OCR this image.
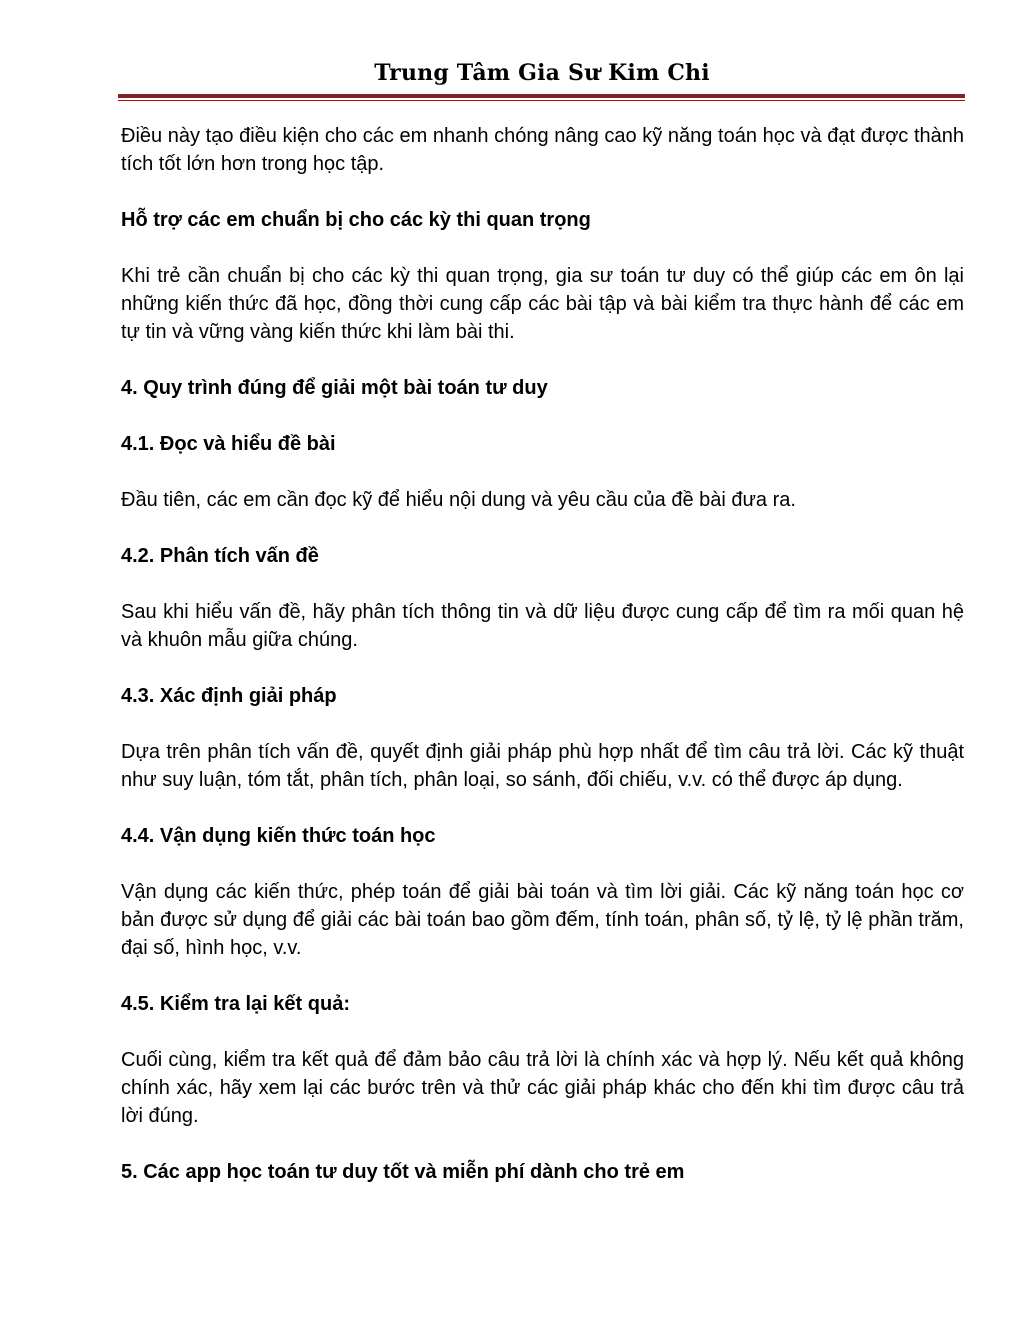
Trung Tâm Gia Sư Kim Chi

Điều này tạo điều kiện cho các em nhanh chóng nâng cao kỹ năng toán học và đạt được thành tích tốt lớn hơn trong học tập.

Hỗ trợ các em chuẩn bị cho các kỳ thi quan trọng

Khi trẻ cần chuẩn bị cho các kỳ thi quan trọng, gia sư toán tư duy có thể giúp các em ôn lại những kiến thức đã học, đồng thời cung cấp các bài tập và bài kiểm tra thực hành để các em tự tin và vững vàng kiến thức khi làm bài thi.

4. Quy trình đúng để giải một bài toán tư duy

4.1. Đọc và hiểu đề bài

Đầu tiên, các em cần đọc kỹ để hiểu nội dung và yêu cầu của đề bài đưa ra.

4.2. Phân tích vấn đề

Sau khi hiểu vấn đề, hãy phân tích thông tin và dữ liệu được cung cấp để tìm ra mối quan hệ và khuôn mẫu giữa chúng.

4.3. Xác định giải pháp

Dựa trên phân tích vấn đề, quyết định giải pháp phù hợp nhất để tìm câu trả lời. Các kỹ thuật như suy luận, tóm tắt, phân tích, phân loại, so sánh, đối chiếu, v.v. có thể được áp dụng.

4.4. Vận dụng kiến thức toán học

Vận dụng các kiến thức, phép toán để giải bài toán và tìm lời giải. Các kỹ năng toán học cơ bản được sử dụng để giải các bài toán bao gồm đếm, tính toán, phân số, tỷ lệ, tỷ lệ phần trăm, đại số, hình học, v.v.

4.5. Kiểm tra lại kết quả:

Cuối cùng, kiểm tra kết quả để đảm bảo câu trả lời là chính xác và hợp lý. Nếu kết quả không chính xác, hãy xem lại các bước trên và thử các giải pháp khác cho đến khi tìm được câu trả lời đúng.

5. Các app học toán tư duy tốt và miễn phí dành cho trẻ em
